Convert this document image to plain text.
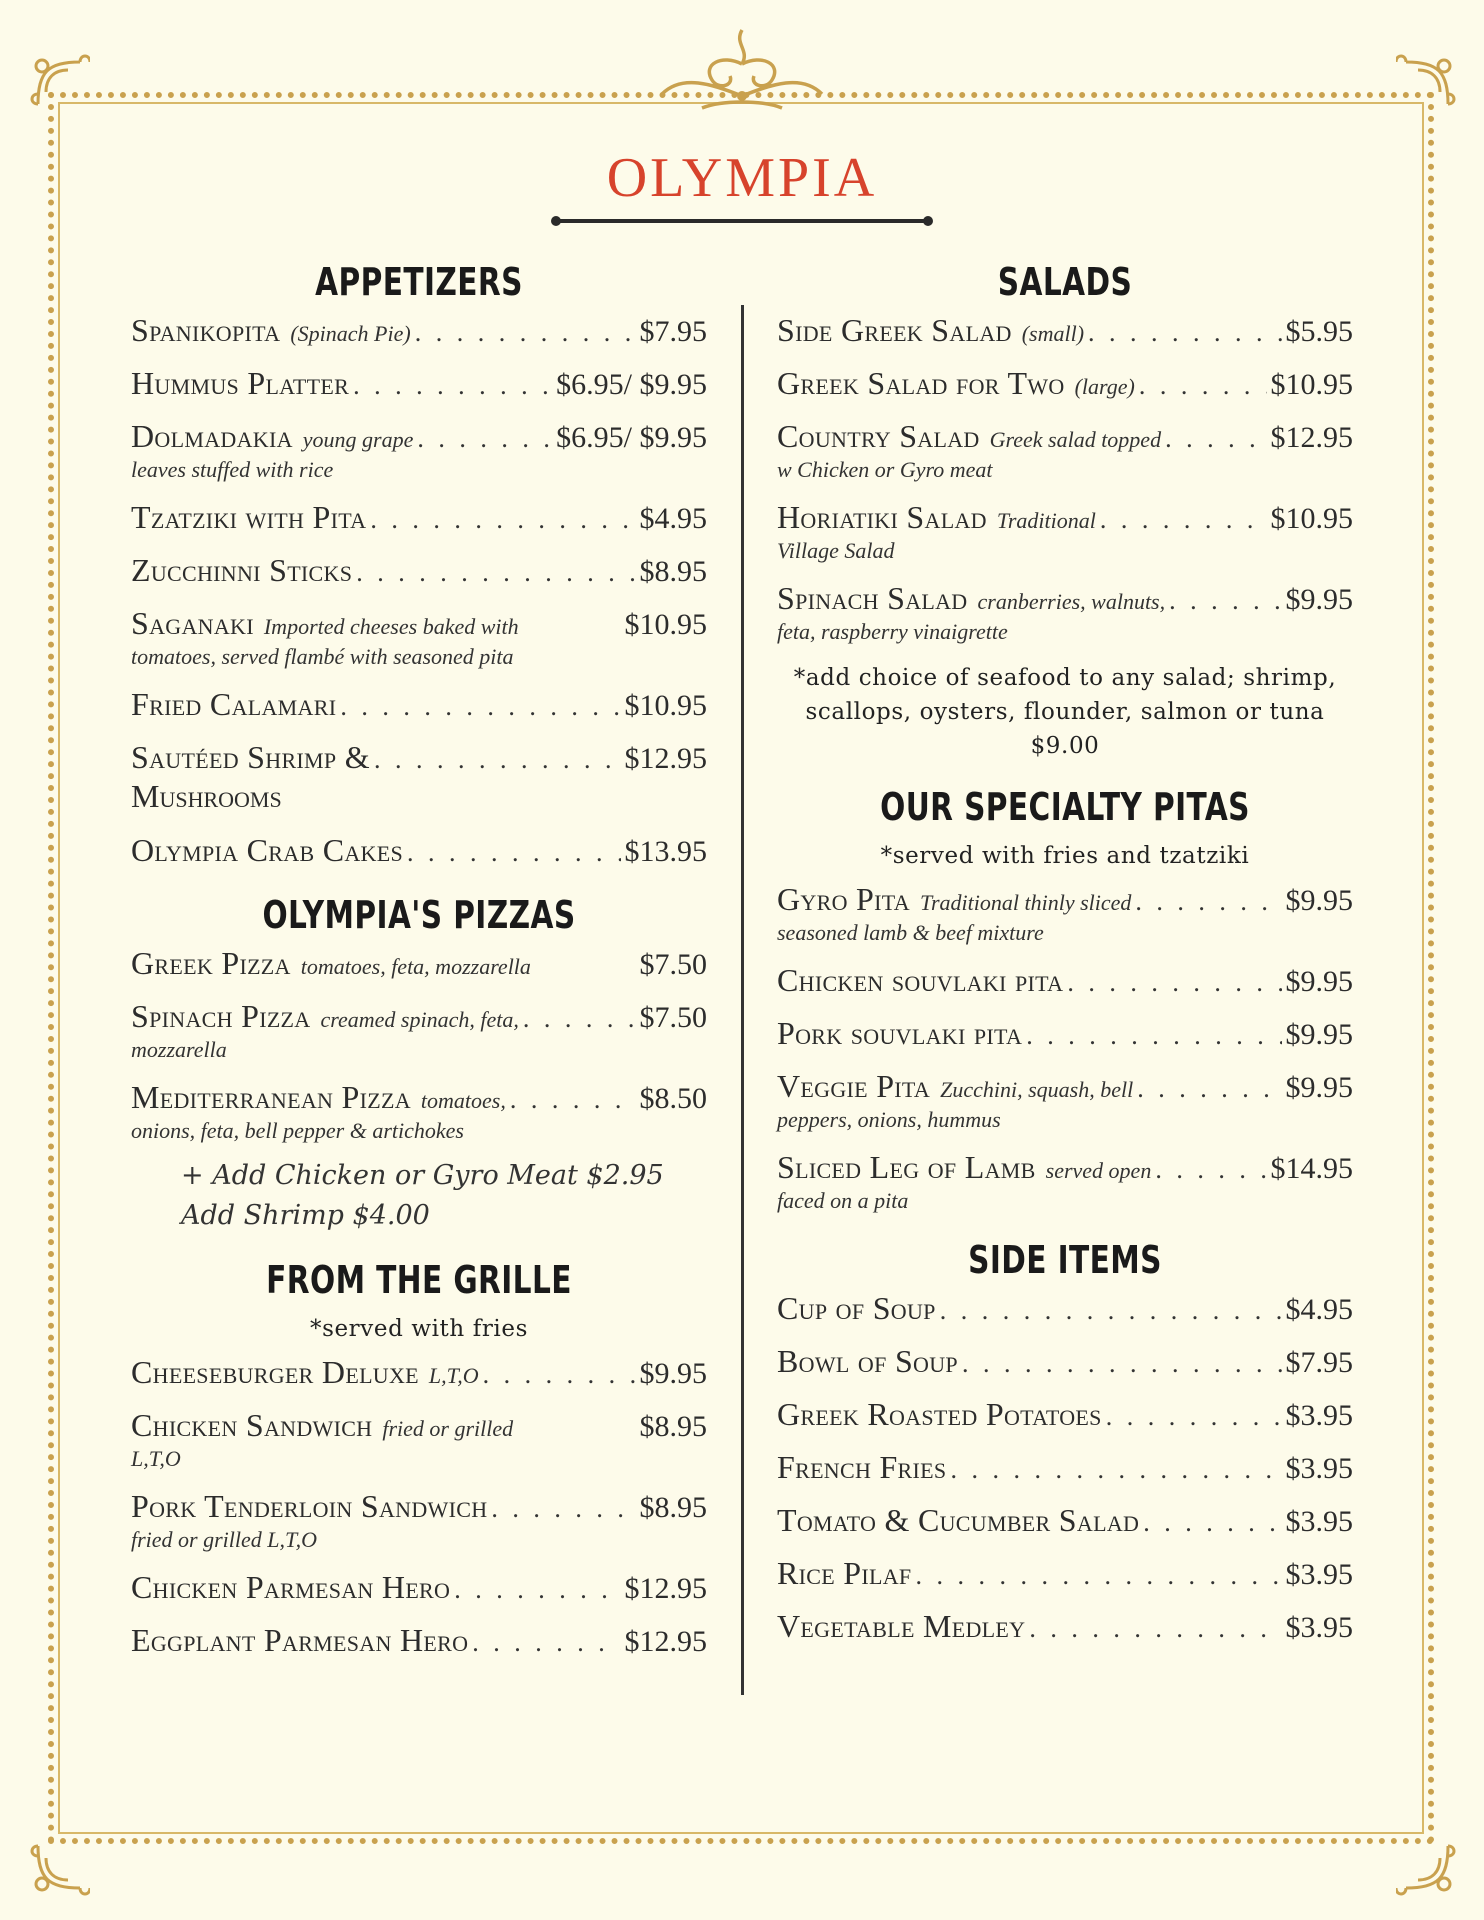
OLYMPIA
APPETIZERS
Spanikopita (Spinach Pie) . . .	$7.95
Hummus Platter . . .	$6.95/ $9.95
Dolmadakia young grape . . .	$6.95/ $9.95
leaves stuffed with rice
Tzatziki with Pita . . .	$4.95
Zucchinni Sticks . . .	$8.95
Saganaki Imported cheeses baked with	$10.95
tomatoes, served flambé with seasoned pita
Fried Calamari . . .	$10.95
Sautéed Shrimp & . . .	$12.95
Mushrooms
Olympia Crab Cakes . . .	$13.95
OLYMPIA'S PIZZAS
Greek Pizza tomatoes, feta, mozzarella	$7.50
Spinach Pizza creamed spinach, feta, . . .	$7.50
mozzarella
Mediterranean Pizza tomatoes, . . .	$8.50
onions, feta, bell pepper & artichokes
+ Add Chicken or Gyro Meat $2.95 Add Shrimp $4.00
FROM THE GRILLE
*served with fries
Cheeseburger Deluxe L,T,O . . .	$9.95
Chicken Sandwich fried or grilled	$8.95
L,T,O
Pork Tenderloin Sandwich . . .	$8.95
fried or grilled L,T,O
Chicken Parmesan Hero . . .	$12.95
Eggplant Parmesan Hero . . .	$12.95
SALADS
Side Greek Salad (small) . . .	$5.95
Greek Salad for Two (large) . . .	$10.95
Country Salad Greek salad topped . . .	$12.95
w Chicken or Gyro meat
Horiatiki Salad Traditional . . .	$10.95
Village Salad
Spinach Salad cranberries, walnuts, . . .	$9.95
feta, raspberry vinaigrette
*add choice of seafood to any salad; shrimp, scallops, oysters, flounder, salmon or tuna $9.00
OUR SPECIALTY PITAS
*served with fries and tzatziki
Gyro Pita Traditional thinly sliced . . .	$9.95
seasoned lamb & beef mixture
Chicken souvlaki pita . . .	$9.95
Pork souvlaki pita . . .	$9.95
Veggie Pita Zucchini, squash, bell . . .	$9.95
peppers, onions, hummus
Sliced Leg of Lamb served open . . .	$14.95
faced on a pita
SIDE ITEMS
Cup of Soup . . .	$4.95
Bowl of Soup . . .	$7.95
Greek Roasted Potatoes . . .	$3.95
French Fries . . .	$3.95
Tomato & Cucumber Salad . . .	$3.95
Rice Pilaf . . .	$3.95
Vegetable Medley . . .	$3.95
